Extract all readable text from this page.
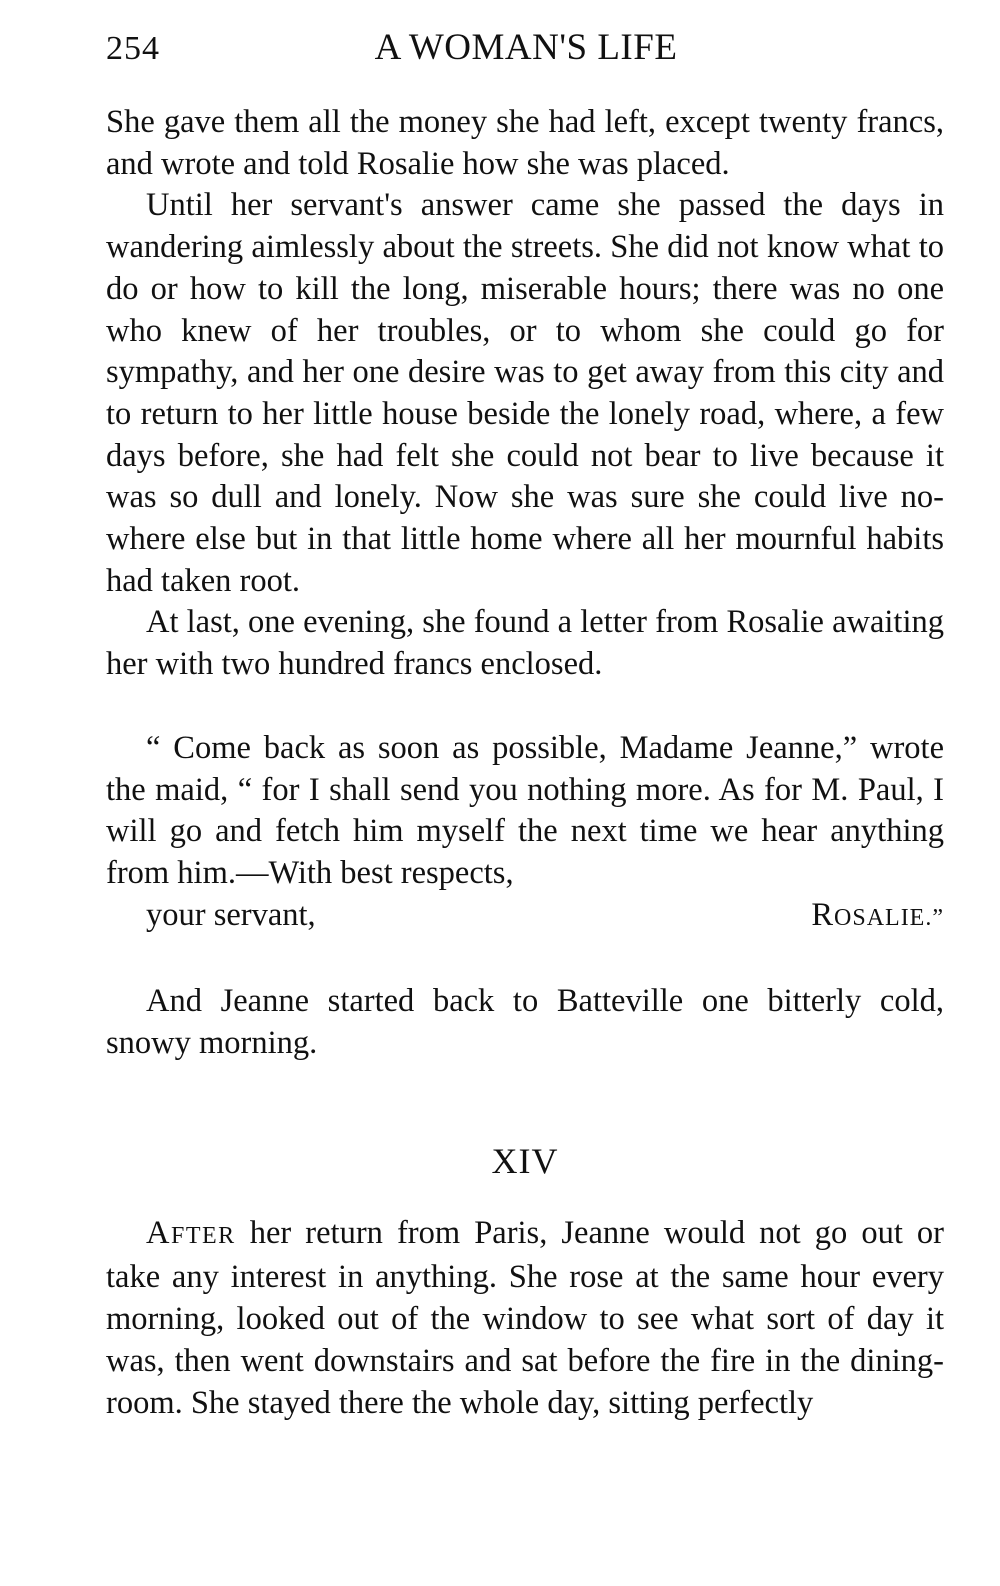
254	A WOMAN'S LIFE

She gave them all the money she had left, except twenty francs, and wrote and told Rosalie how she was placed.

Until her servant's answer came she passed the days in wandering aimlessly about the streets. She did not know what to do or how to kill the long, miserable hours; there was no one who knew of her troubles, or to whom she could go for sympathy, and her one desire was to get away from this city and to return to her little house beside the lonely road, where, a few days before, she had felt she could not bear to live because it was so dull and lonely. Now she was sure she could live no-where else but in that little home where all her mournful habits had taken root.

At last, one evening, she found a letter from Rosalie awaiting her with two hundred francs enclosed.

“ Come back as soon as possible, Madame Jeanne,” wrote the maid, “ for I shall send you nothing more. As for M. Paul, I will go and fetch him myself the next time we hear anything from him.—With best respects,

your servant,	ROSALIE.”

And Jeanne started back to Batteville one bitterly cold, snowy morning.

XIV

AFTER her return from Paris, Jeanne would not go out or take any interest in anything. She rose at the same hour every morning, looked out of the window to see what sort of day it was, then went downstairs and sat before the fire in the dining-room. She stayed there the whole day, sitting perfectly
